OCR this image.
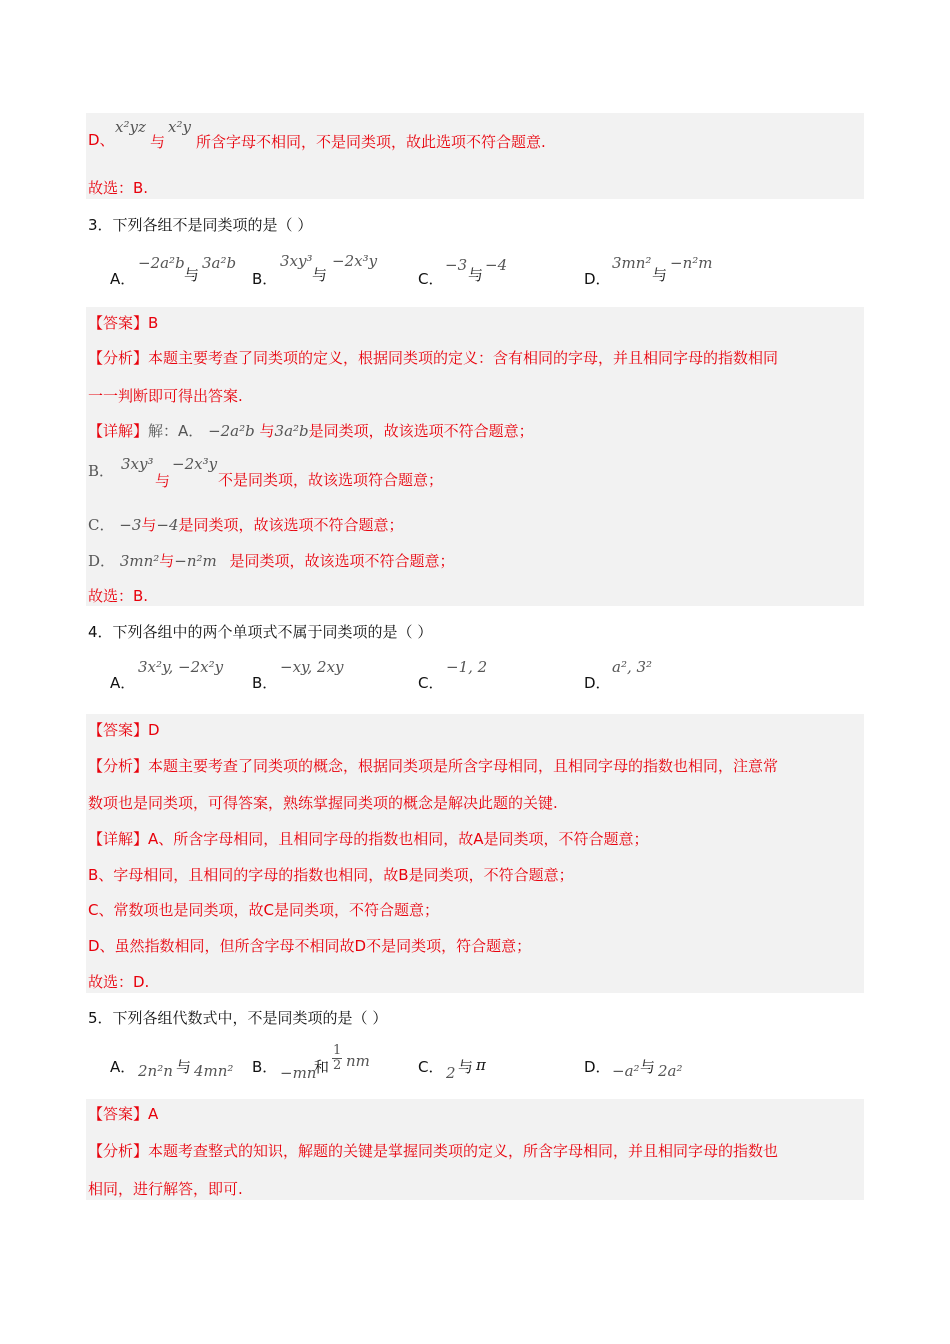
D、
x²yz
与
x²y
所含字母不相同，不是同类项，故此选项不符合题意.
故选：B.
3．下列各组不是同类项的是（ ）
A．
−2a²b
与
3a²b
B．
3xy³
与
−2x³y
C．
−3
与
−4
D．
3mn²
与
−n²m
【答案】B
【分析】本题主要考查了同类项的定义，根据同类项的定义：含有相同的字母，并且相同字母的指数相同
一一判断即可得出答案.
【详解】解：A． −2a²b 与3a²b是同类项，故该选项不符合题意；
B． 3xy³
与
−2x³y
不是同类项，故该选项符合题意；
C． −3与−4是同类项，故该选项不符合题意；
D． 3mn²与−n²m 是同类项，故该选项不符合题意；
故选：B.
4．下列各组中的两个单项式不属于同类项的是（ ）
A．
3x²y, −2x²y
B．
−xy, 2xy
C．
−1, 2
D．
a², 3²
【答案】D
【分析】本题主要考查了同类项的概念，根据同类项是所含字母相同，且相同字母的指数也相同，注意常
数项也是同类项，可得答案，熟练掌握同类项的概念是解决此题的关键.
【详解】A、所含字母相同，且相同字母的指数也相同，故A是同类项，不符合题意；
B、字母相同，且相同的字母的指数也相同，故B是同类项，不符合题意；
C、常数项也是同类项，故C是同类项，不符合题意；
D、虽然指数相同，但所含字母不相同故D不是同类项，符合题意；
故选：D.
5．下列各组代数式中，不是同类项的是（ ）
A． 2n²n 与 4mn² B． −mn
和 $\frac{1}{2}$ nm	C． 2 与 π	D． −a² 与 2a²
【答案】A
【分析】本题考查整式的知识，解题的关键是掌握同类项的定义，所含字母相同，并且相同字母的指数也
相同，进行解答，即可.
